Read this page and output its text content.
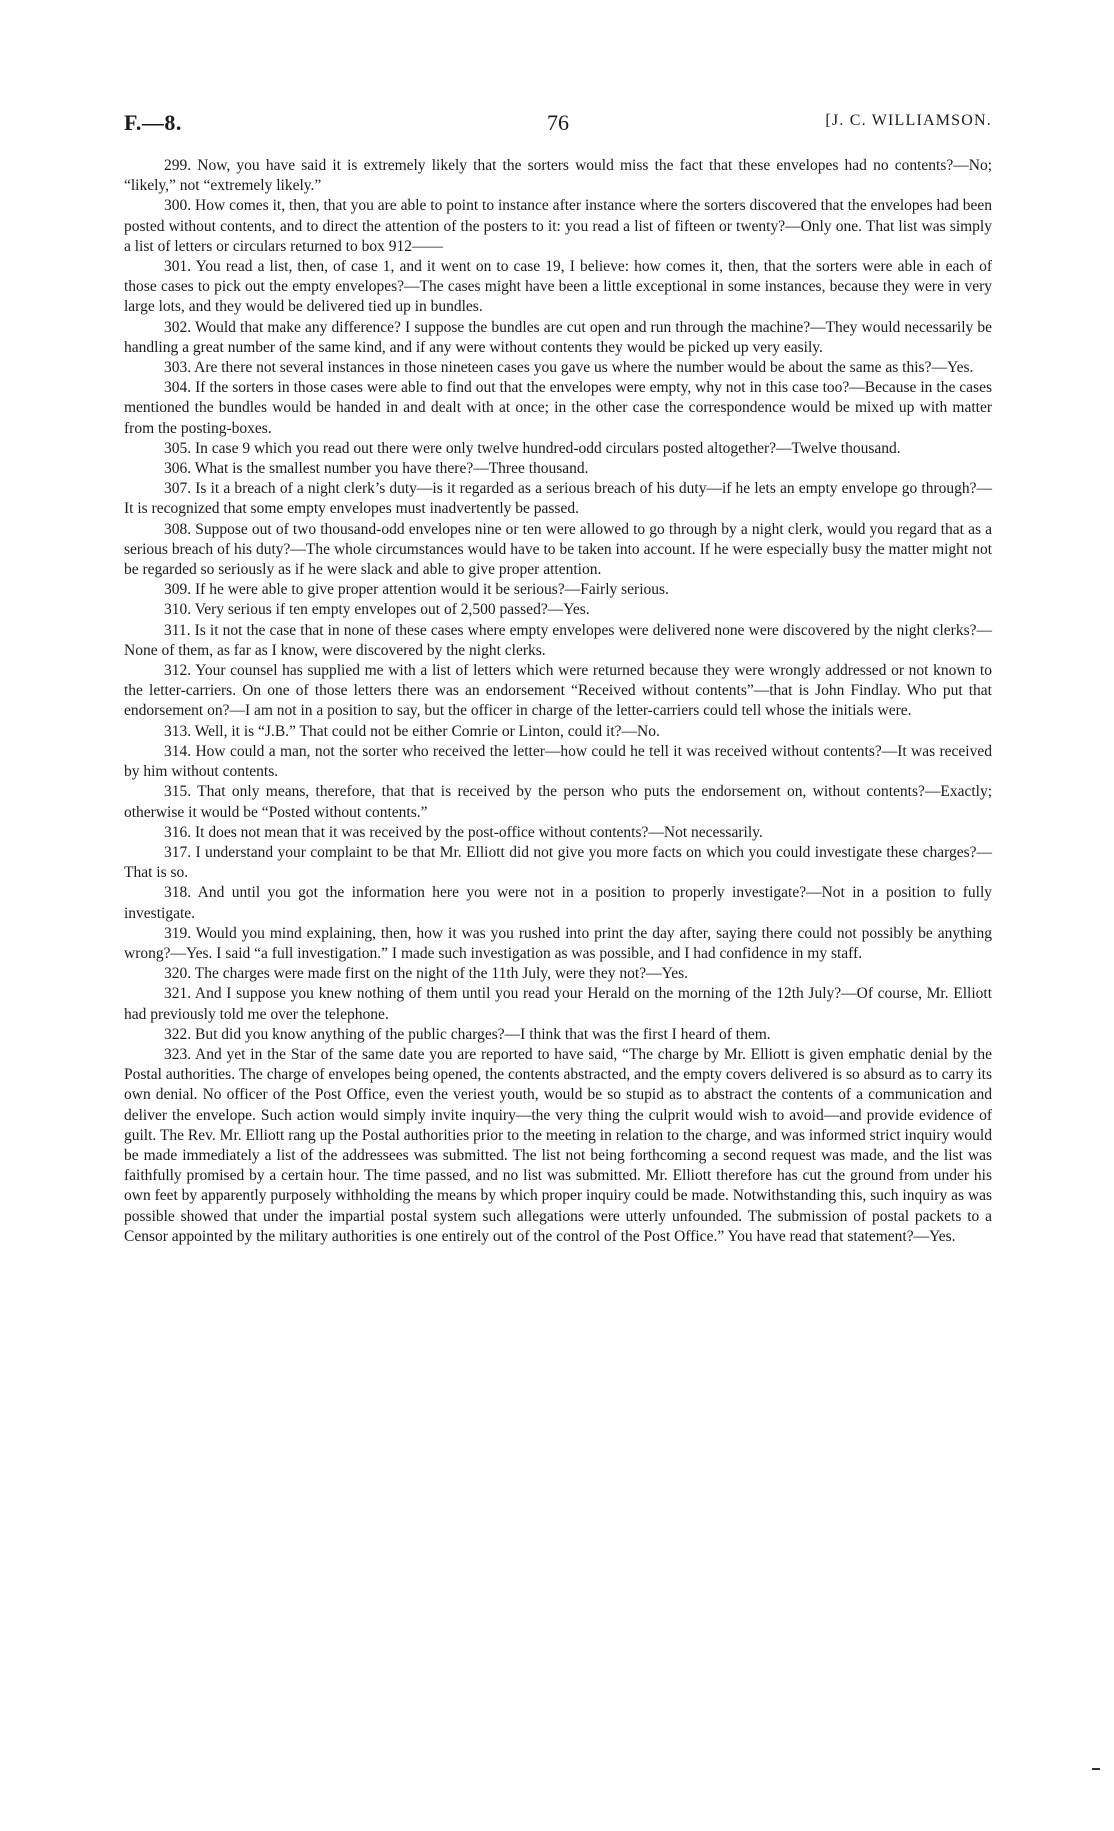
F.—8.	76	[J. C. WILLIAMSON.

299. Now, you have said it is extremely likely that the sorters would miss the fact that these envelopes had no contents?—No; “likely,” not “extremely likely.”

300. How comes it, then, that you are able to point to instance after instance where the sorters discovered that the envelopes had been posted without contents, and to direct the attention of the posters to it: you read a list of fifteen or twenty?—Only one. That list was simply a list of letters or circulars returned to box 912——

301. You read a list, then, of case 1, and it went on to case 19, I believe: how comes it, then, that the sorters were able in each of those cases to pick out the empty envelopes?—The cases might have been a little exceptional in some instances, because they were in very large lots, and they would be delivered tied up in bundles.

302. Would that make any difference? I suppose the bundles are cut open and run through the machine?—They would necessarily be handling a great number of the same kind, and if any were without contents they would be picked up very easily.

303. Are there not several instances in those nineteen cases you gave us where the number would be about the same as this?—Yes.

304. If the sorters in those cases were able to find out that the envelopes were empty, why not in this case too?—Because in the cases mentioned the bundles would be handed in and dealt with at once; in the other case the correspondence would be mixed up with matter from the posting-boxes.

305. In case 9 which you read out there were only twelve hundred-odd circulars posted altogether?—Twelve thousand.

306. What is the smallest number you have there?—Three thousand.

307. Is it a breach of a night clerk’s duty—is it regarded as a serious breach of his duty—if he lets an empty envelope go through?—It is recognized that some empty envelopes must inadvertently be passed.

308. Suppose out of two thousand-odd envelopes nine or ten were allowed to go through by a night clerk, would you regard that as a serious breach of his duty?—The whole circumstances would have to be taken into account. If he were especially busy the matter might not be regarded so seriously as if he were slack and able to give proper attention.

309. If he were able to give proper attention would it be serious?—Fairly serious.

310. Very serious if ten empty envelopes out of 2,500 passed?—Yes.

311. Is it not the case that in none of these cases where empty envelopes were delivered none were discovered by the night clerks?—None of them, as far as I know, were discovered by the night clerks.

312. Your counsel has supplied me with a list of letters which were returned because they were wrongly addressed or not known to the letter-carriers. On one of those letters there was an endorsement “Received without contents”—that is John Findlay. Who put that endorsement on?—I am not in a position to say, but the officer in charge of the letter-carriers could tell whose the initials were.

313. Well, it is “J.B.” That could not be either Comrie or Linton, could it?—No.

314. How could a man, not the sorter who received the letter—how could he tell it was received without contents?—It was received by him without contents.

315. That only means, therefore, that that is received by the person who puts the endorsement on, without contents?—Exactly; otherwise it would be “Posted without contents.”

316. It does not mean that it was received by the post-office without contents?—Not necessarily.

317. I understand your complaint to be that Mr. Elliott did not give you more facts on which you could investigate these charges?—That is so.

318. And until you got the information here you were not in a position to properly investigate?—Not in a position to fully investigate.

319. Would you mind explaining, then, how it was you rushed into print the day after, saying there could not possibly be anything wrong?—Yes. I said “a full investigation.” I made such investigation as was possible, and I had confidence in my staff.

320. The charges were made first on the night of the 11th July, were they not?—Yes.

321. And I suppose you knew nothing of them until you read your Herald on the morning of the 12th July?—Of course, Mr. Elliott had previously told me over the telephone.

322. But did you know anything of the public charges?—I think that was the first I heard of them.

323. And yet in the Star of the same date you are reported to have said, “The charge by Mr. Elliott is given emphatic denial by the Postal authorities. The charge of envelopes being opened, the contents abstracted, and the empty covers delivered is so absurd as to carry its own denial. No officer of the Post Office, even the veriest youth, would be so stupid as to abstract the contents of a communication and deliver the envelope. Such action would simply invite inquiry—the very thing the culprit would wish to avoid—and provide evidence of guilt. The Rev. Mr. Elliott rang up the Postal authorities prior to the meeting in relation to the charge, and was informed strict inquiry would be made immediately a list of the addressees was submitted. The list not being forthcoming a second request was made, and the list was faithfully promised by a certain hour. The time passed, and no list was submitted. Mr. Elliott therefore has cut the ground from under his own feet by apparently purposely withholding the means by which proper inquiry could be made. Notwithstanding this, such inquiry as was possible showed that under the impartial postal system such allegations were utterly unfounded. The submission of postal packets to a Censor appointed by the military authorities is one entirely out of the control of the Post Office.” You have read that statement?—Yes.
